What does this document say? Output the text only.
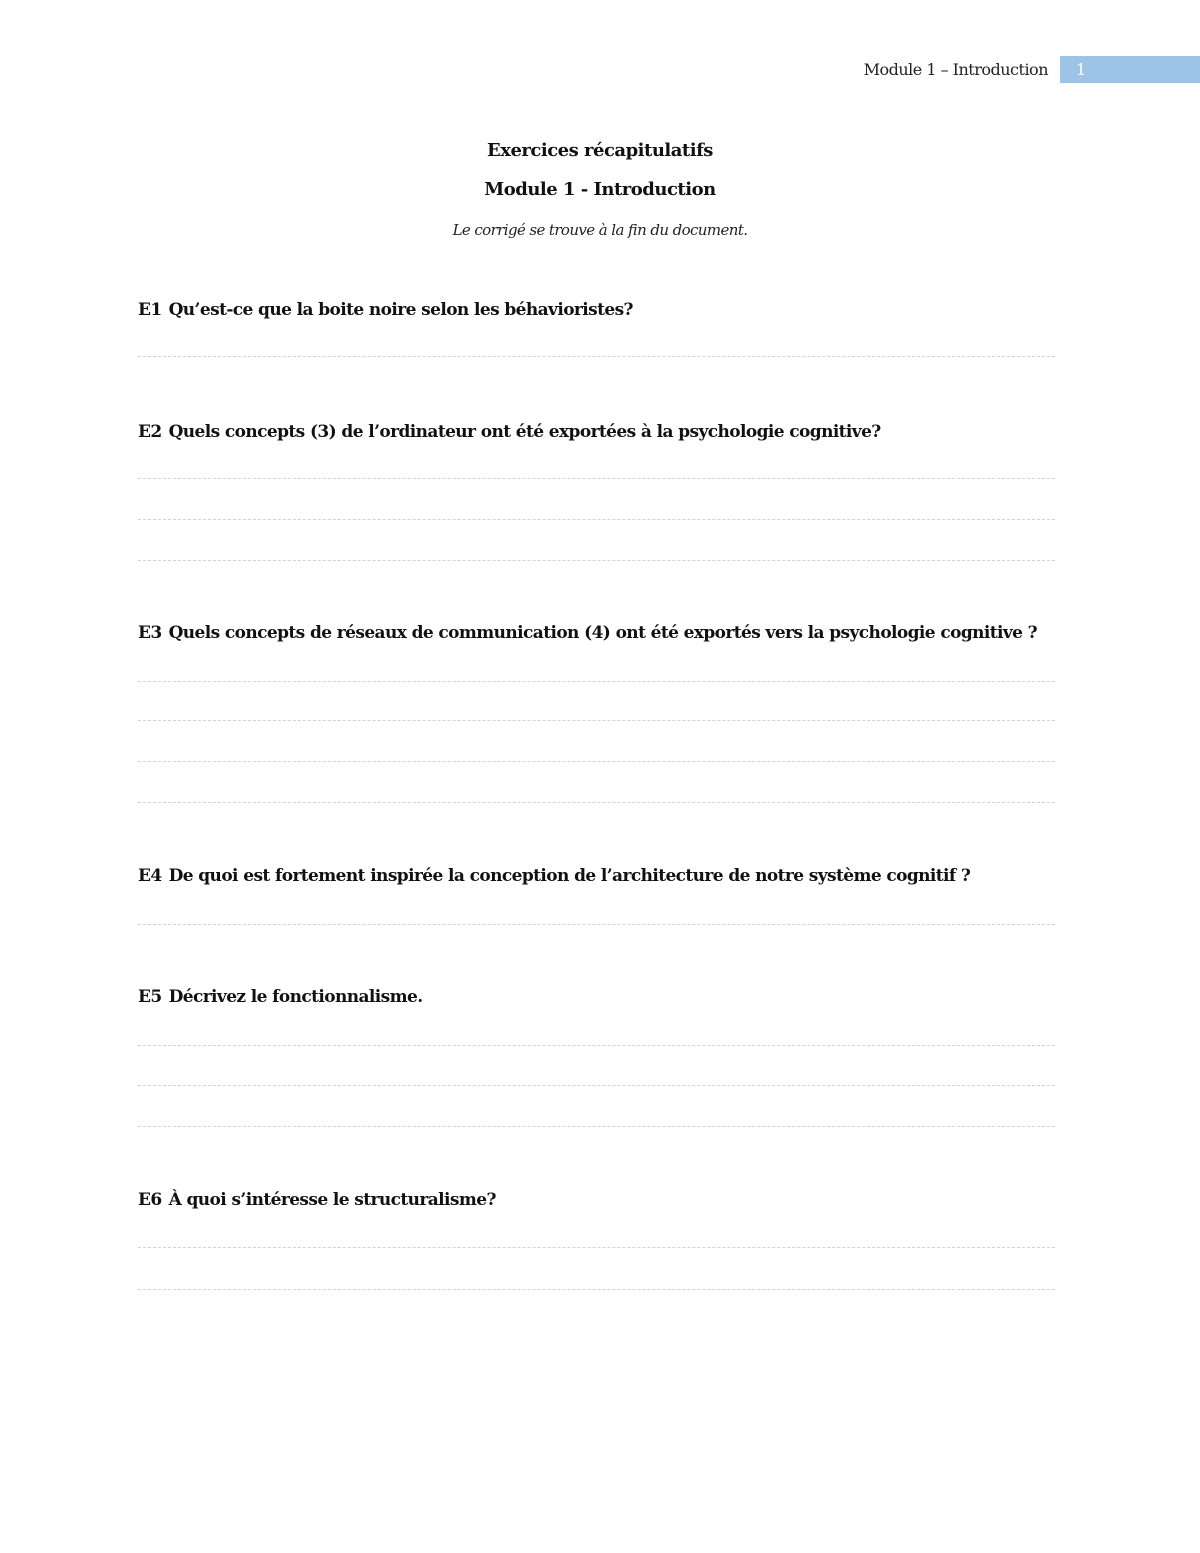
Module 1 – Introduction 1
Exercices récapitulatifs
Module 1 - Introduction
Le corrigé se trouve à la fin du document.
E1 Qu’est-ce que la boite noire selon les béhavioristes?
E2 Quels concepts (3) de l’ordinateur ont été exportées à la psychologie cognitive?
E3 Quels concepts de réseaux de communication (4) ont été exportés vers la psychologie cognitive ?
E4 De quoi est fortement inspirée la conception de l’architecture de notre système cognitif ?
E5 Décrivez le fonctionnalisme.
E6 À quoi s’intéresse le structuralisme?
